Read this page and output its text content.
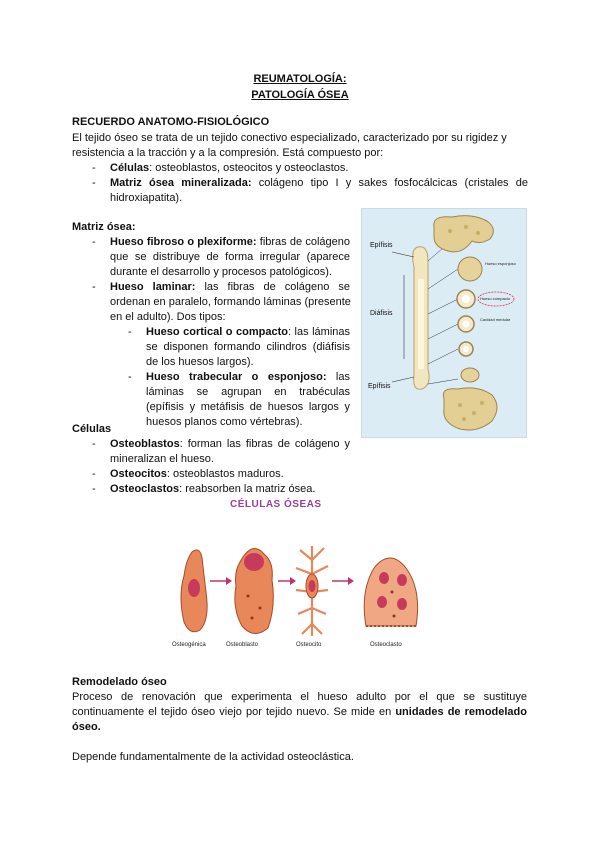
REUMATOLOGÍA:
PATOLOGÍA ÓSEA
RECUERDO ANATOMO-FISIOLÓGICO
El tejido óseo se trata de un tejido conectivo especializado, caracterizado por su rigidez y
resistencia a la tracción y a la compresión. Está compuesto por:
- Células: osteoblastos, osteocitos y osteoclastos.
- Matriz ósea mineralizada: colágeno tipo I y sakes fosfocálcicas (cristales de
hidroxiapatita).
Matriz ósea:
- Hueso fibroso o plexiforme: fibras de colágeno
que se distribuye de forma irregular (aparece
durante el desarrollo y procesos patológicos).
- Hueso laminar: las fibras de colágeno se
ordenan en paralelo, formando láminas (presente
en el adulto). Dos tipos:
- Hueso cortical o compacto: las láminas
se disponen formando cilindros (diáfisis
de los huesos largos).
- Hueso trabecular o esponjoso: las
láminas se agrupan en trabéculas
(epífisis y metáfisis de huesos largos y
huesos planos como vértebras).
Epífisis
Diáfisis
Epífisis
Hueso esponjoso
Hueso compacto
Cavidad medular
Células
- Osteoblastos: forman las fibras de colágeno y
mineralizan el hueso.
- Osteocitos: osteoblastos maduros.
- Osteoclastos: reabsorben la matriz ósea.
CÉLULAS ÓSEAS
Osteogénica	Osteoblasto	Osteocito	Osteoclasto
Remodelado óseo
Proceso de renovación que experimenta el hueso adulto por el que se sustituye
continuamente el tejido óseo viejo por tejido nuevo. Se mide en unidades de remodelado
óseo.
Depende fundamentalmente de la actividad osteoclástica.
